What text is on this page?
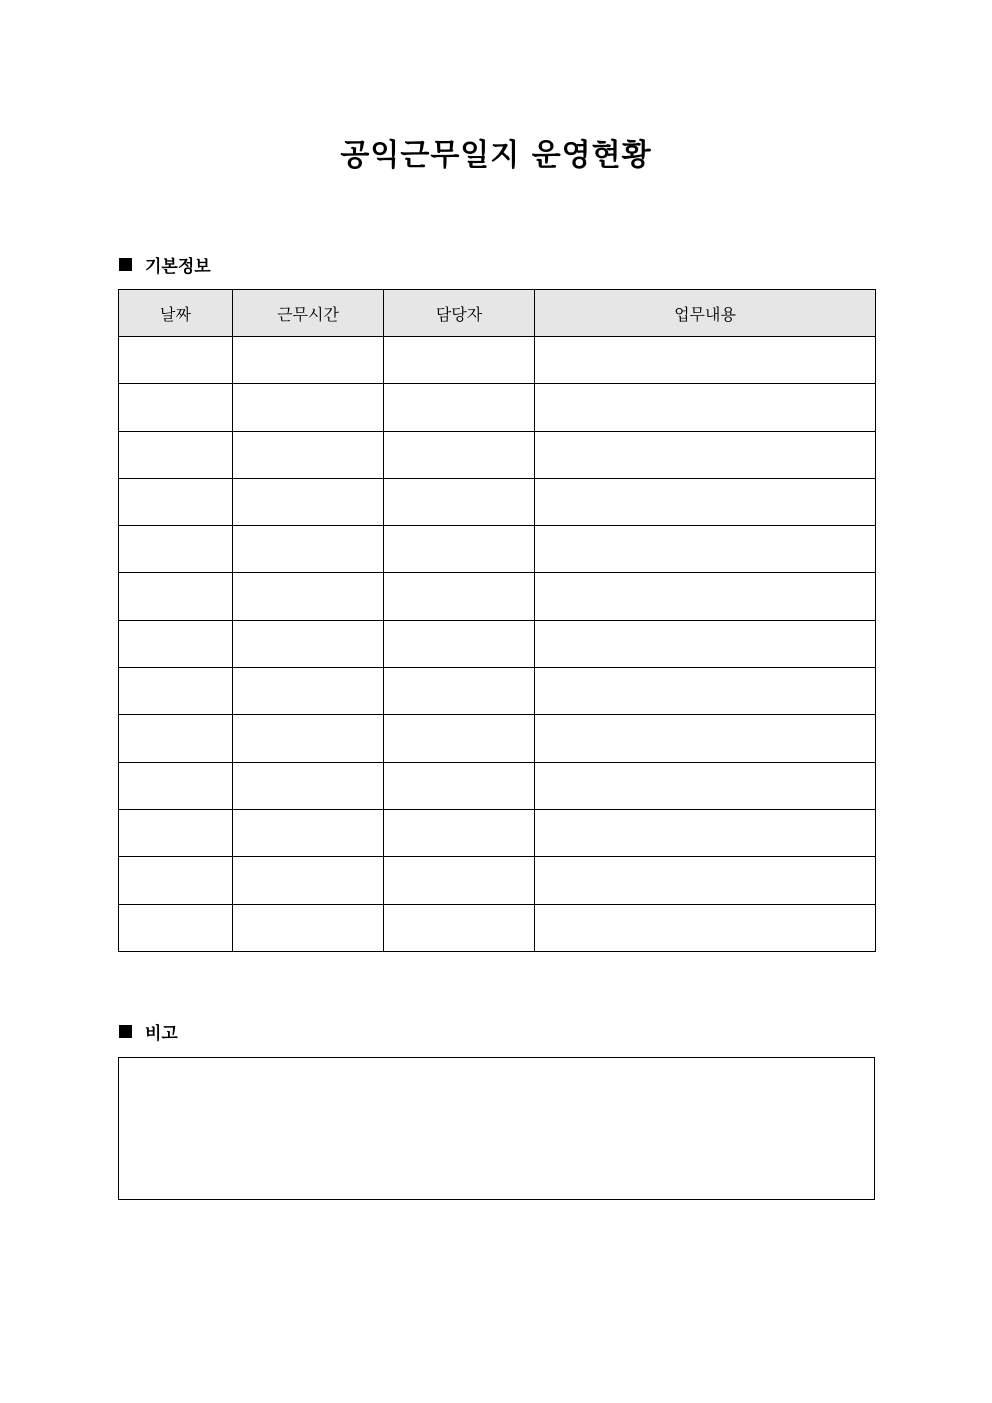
공익근무일지 운영현황
기본정보
날짜	근무시간	담당자	업무내용

비고
